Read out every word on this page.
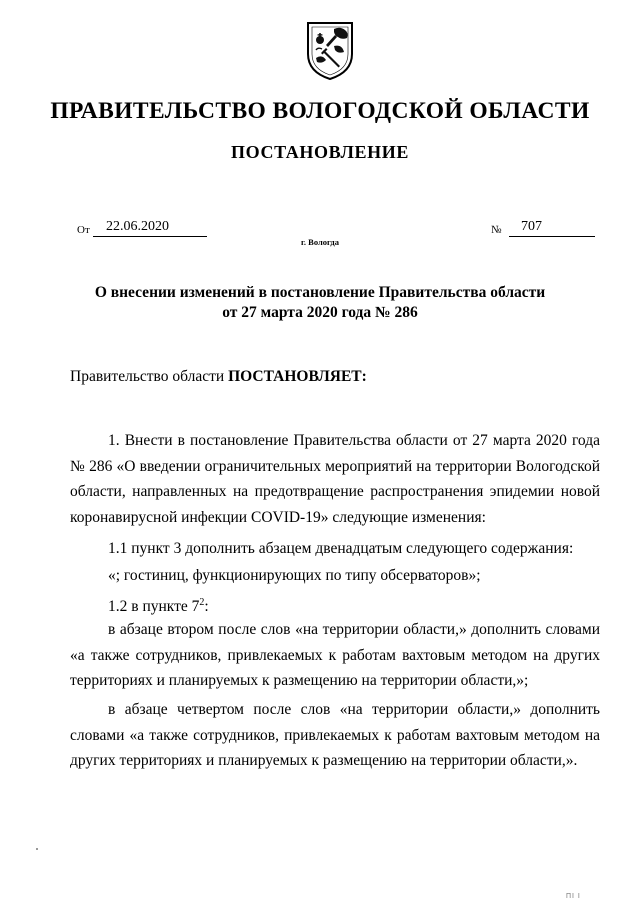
ПРАВИТЕЛЬСТВО ВОЛОГОДСКОЙ ОБЛАСТИ
ПОСТАНОВЛЕНИЕ
От 22.06.2020	№ 707
г. Вологда
О внесении изменений в постановление Правительства области
от 27 марта 2020 года № 286
Правительство области ПОСТАНОВЛЯЕТ:
1. Внести в постановление Правительства области от 27 марта 2020 года № 286 «О введении ограничительных мероприятий на территории Вологодской области, направленных на предотвращение распространения эпидемии новой коронавирусной инфекции COVID-19» следующие изменения:
1.1 пункт 3 дополнить абзацем двенадцатым следующего содержания:
«; гостиниц, функционирующих по типу обсерваторов»;
1.2 в пункте $7^2$:
в абзаце втором после слов «на территории области,» дополнить словами «а также сотрудников, привлекаемых к работам вахтовым методом на других территориях и планируемых к размещению на территории области,»;
в абзаце четвертом после слов «на территории области,» дополнить словами «а также сотрудников, привлекаемых к работам вахтовым методом на других территориях и планируемых к размещению на территории области,».
ПІ І
